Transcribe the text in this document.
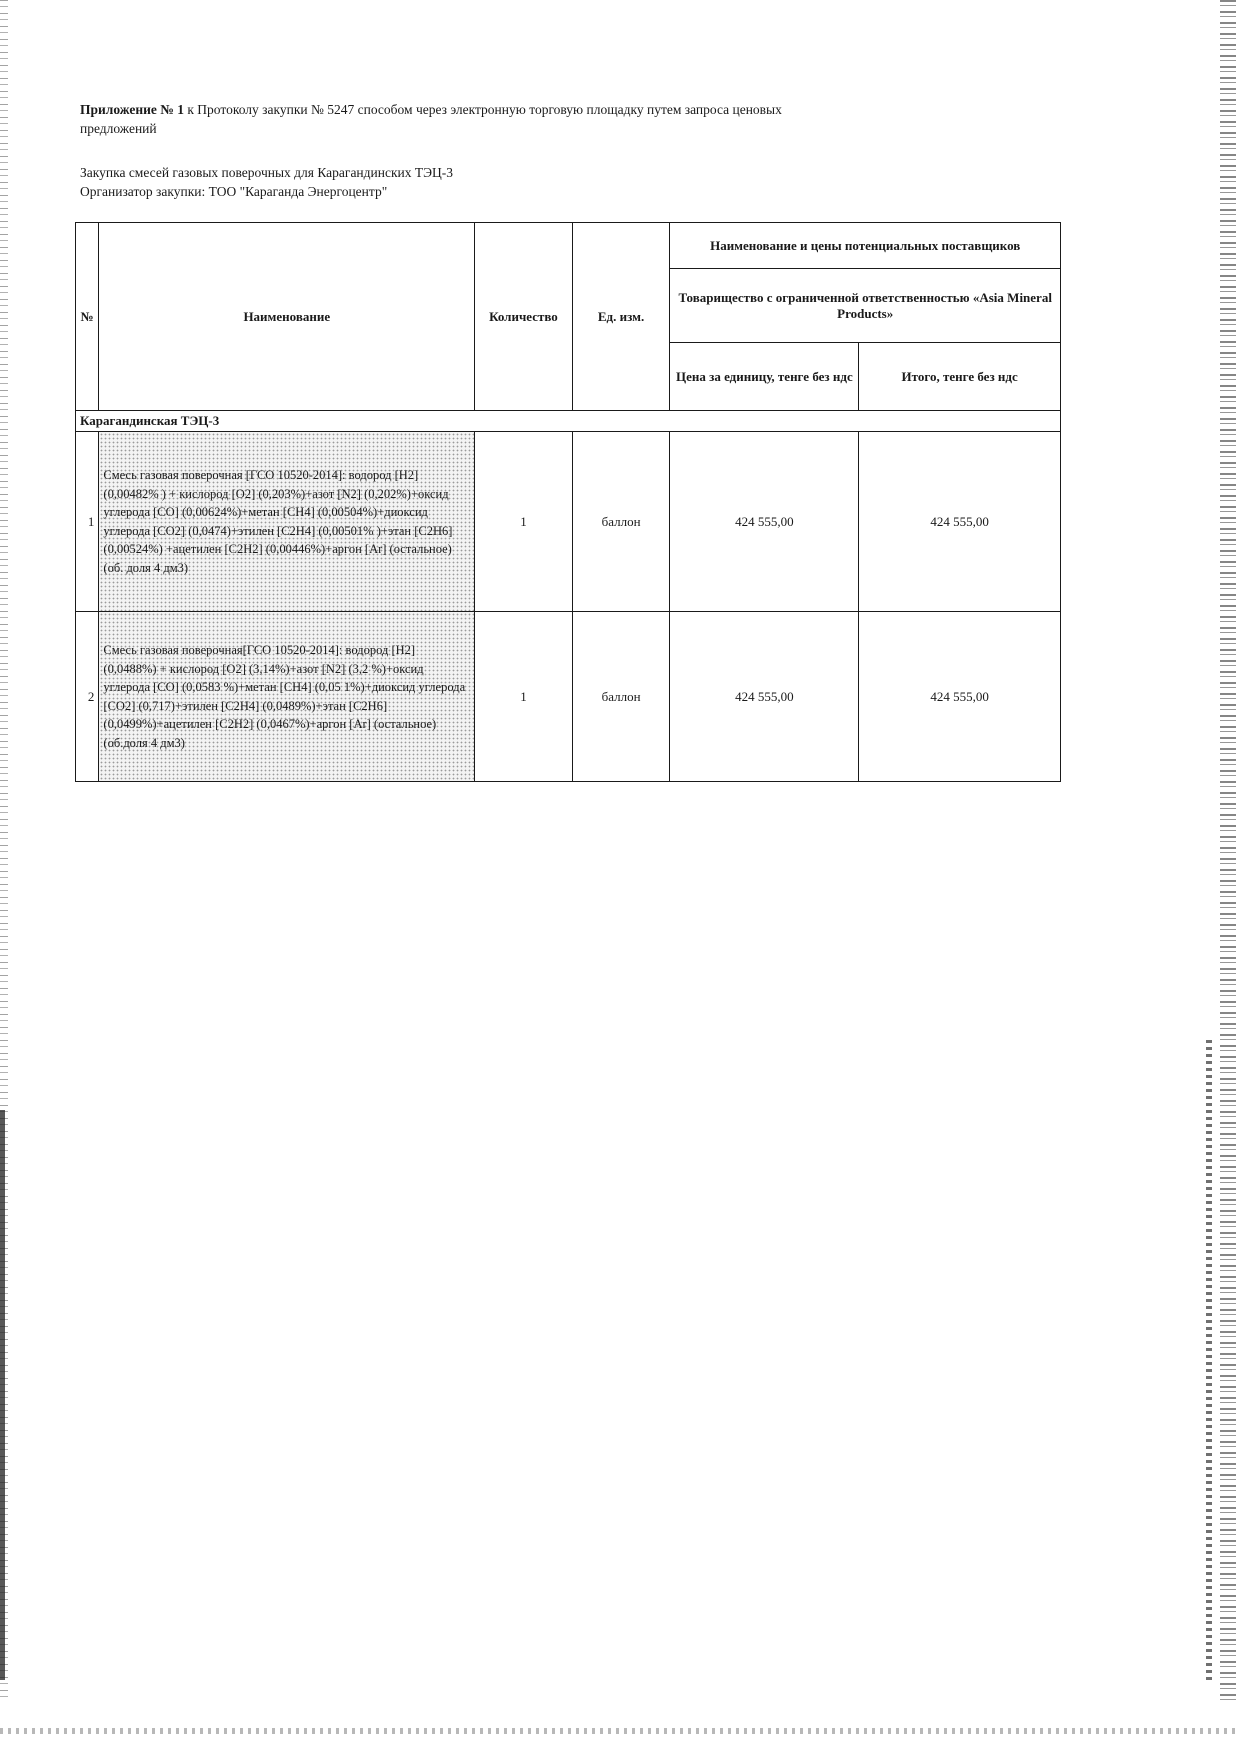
Приложение № 1 к Протоколу закупки № 5247 способом через электронную торговую площадку путем запроса ценовых
предложений
Закупка смесей газовых поверочных для Карагандинских ТЭЦ-3
Организатор закупки: ТОО "Караганда Энергоцентр"
№	Наименование	Количество	Ед. изм.	Наименование и цены потенциальных поставщиков	
				Товарищество с ограниченной ответственностью «Asia Mineral Products»	
				Цена за единицу, тенге без ндс	Итого, тенге без ндс
Карагандинская ТЭЦ-3					
1	Смесь газовая поверочная [ГСО 10520-2014]: водород [H2] (0,00482% ) + кислород [O2] (0,203%)+азот [N2] (0,202%)+оксид углерода [CO] (0,00624%)+метан [CH4] (0,00504%)+диоксид углерода [CO2] (0,0474)+этилен [C2H4] (0,00501% )+этан [C2H6] (0,00524%) +ацетилен [C2H2] (0,00446%)+аргон [Ar] (остальное) (об. доля 4 дм3)	1	баллон	424 555,00	424 555,00
2	Смесь газовая поверочная[ГСО 10520-2014]: водород [H2] (0,0488%) + кислород [O2] (3,14%)+азот [N2] (3,2 %)+оксид углерода [CO] (0,0583 %)+метан [CH4] (0,05 1%)+диоксид углерода [CO2] (0,717)+этилен [C2H4] (0,0489%)+этан [C2H6] (0,0499%)+ацетилен [C2H2] (0,0467%)+аргон [Ar] (остальное) (об.доля 4 дм3)	1	баллон	424 555,00	424 555,00
